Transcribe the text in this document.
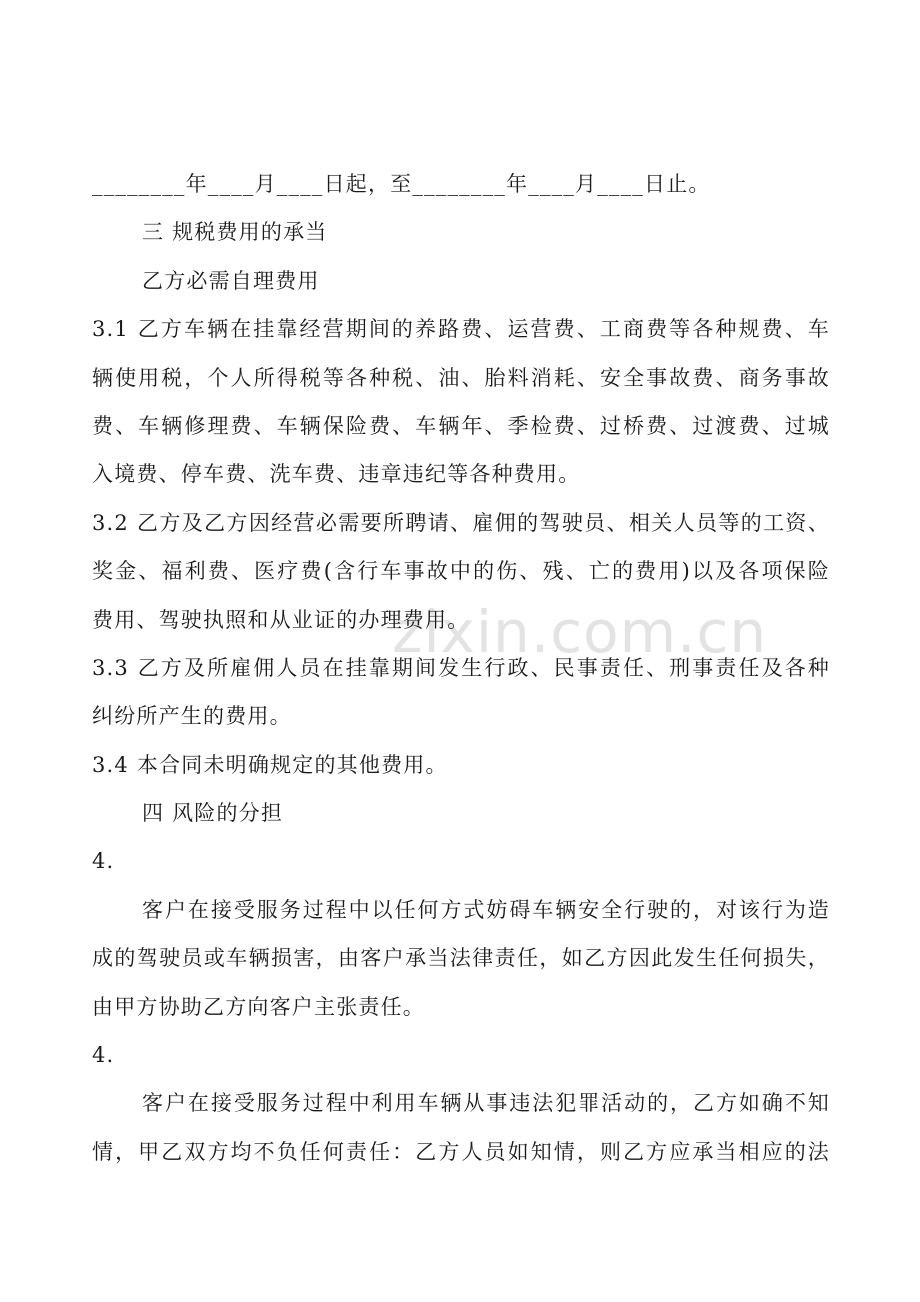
zixin.com.cn
________年____月____日起，至________年____月____日止。
三 规税费用的承当
乙方必需自理费用
3.1 乙方车辆在挂靠经营期间的养路费、运营费、工商费等各种规费、车
辆使用税，个人所得税等各种税、油、胎料消耗、安全事故费、商务事故
费、车辆修理费、车辆保险费、车辆年、季检费、过桥费、过渡费、过城
入境费、停车费、洗车费、违章违纪等各种费用。
3.2 乙方及乙方因经营必需要所聘请、雇佣的驾驶员、相关人员等的工资、
奖金、福利费、医疗费(含行车事故中的伤、残、亡的费用)以及各项保险
费用、驾驶执照和从业证的办理费用。
3.3 乙方及所雇佣人员在挂靠期间发生行政、民事责任、刑事责任及各种
纠纷所产生的费用。
3.4 本合同未明确规定的其他费用。
四 风险的分担
4.
客户在接受服务过程中以任何方式妨碍车辆安全行驶的，对该行为造
成的驾驶员或车辆损害，由客户承当法律责任，如乙方因此发生任何损失，
由甲方协助乙方向客户主张责任。
4.
客户在接受服务过程中利用车辆从事违法犯罪活动的，乙方如确不知
情，甲乙双方均不负任何责任：乙方人员如知情，则乙方应承当相应的法
